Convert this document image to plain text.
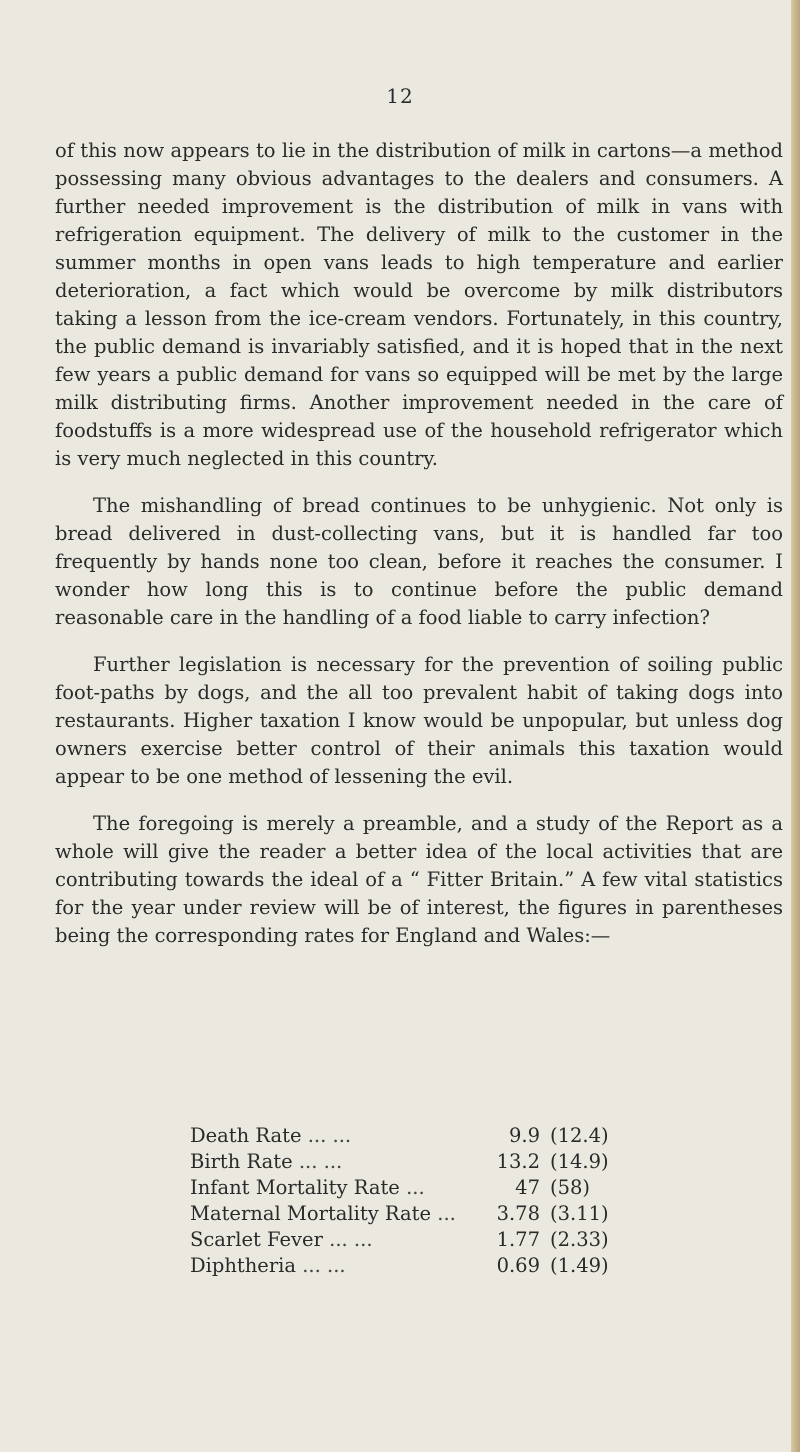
12

of this now appears to lie in the distribution of milk in cartons—a method possessing many obvious advantages to the dealers and consumers. A further needed improvement is the distribution of milk in vans with refrigeration equipment. The delivery of milk to the customer in the summer months in open vans leads to high temperature and earlier deterioration, a fact which would be overcome by milk distributors taking a lesson from the ice-cream vendors. Fortunately, in this country, the public demand is invariably satisfied, and it is hoped that in the next few years a public demand for vans so equipped will be met by the large milk distributing firms. Another improvement needed in the care of foodstuffs is a more widespread use of the household refrigerator which is very much neglected in this country.

The mishandling of bread continues to be unhygienic. Not only is bread delivered in dust-collecting vans, but it is handled far too frequently by hands none too clean, before it reaches the consumer. I wonder how long this is to continue before the public demand reasonable care in the handling of a food liable to carry infection?

Further legislation is necessary for the prevention of soiling public foot-paths by dogs, and the all too prevalent habit of taking dogs into restaurants. Higher taxation I know would be unpopular, but unless dog owners exercise better control of their animals this taxation would appear to be one method of lessening the evil.

The foregoing is merely a preamble, and a study of the Report as a whole will give the reader a better idea of the local activities that are contributing towards the ideal of a “ Fitter Britain.” A few vital statistics for the year under review will be of interest, the figures in parentheses being the corresponding rates for England and Wales:—

Death Rate ... ...	9.9	(12.4)
Birth Rate ... ...	13.2	(14.9)
Infant Mortality Rate ...	47	(58)
Maternal Mortality Rate ...	3.78	(3.11)
Scarlet Fever ... ...	1.77	(2.33)
Diphtheria ... ...	0.69	(1.49)
